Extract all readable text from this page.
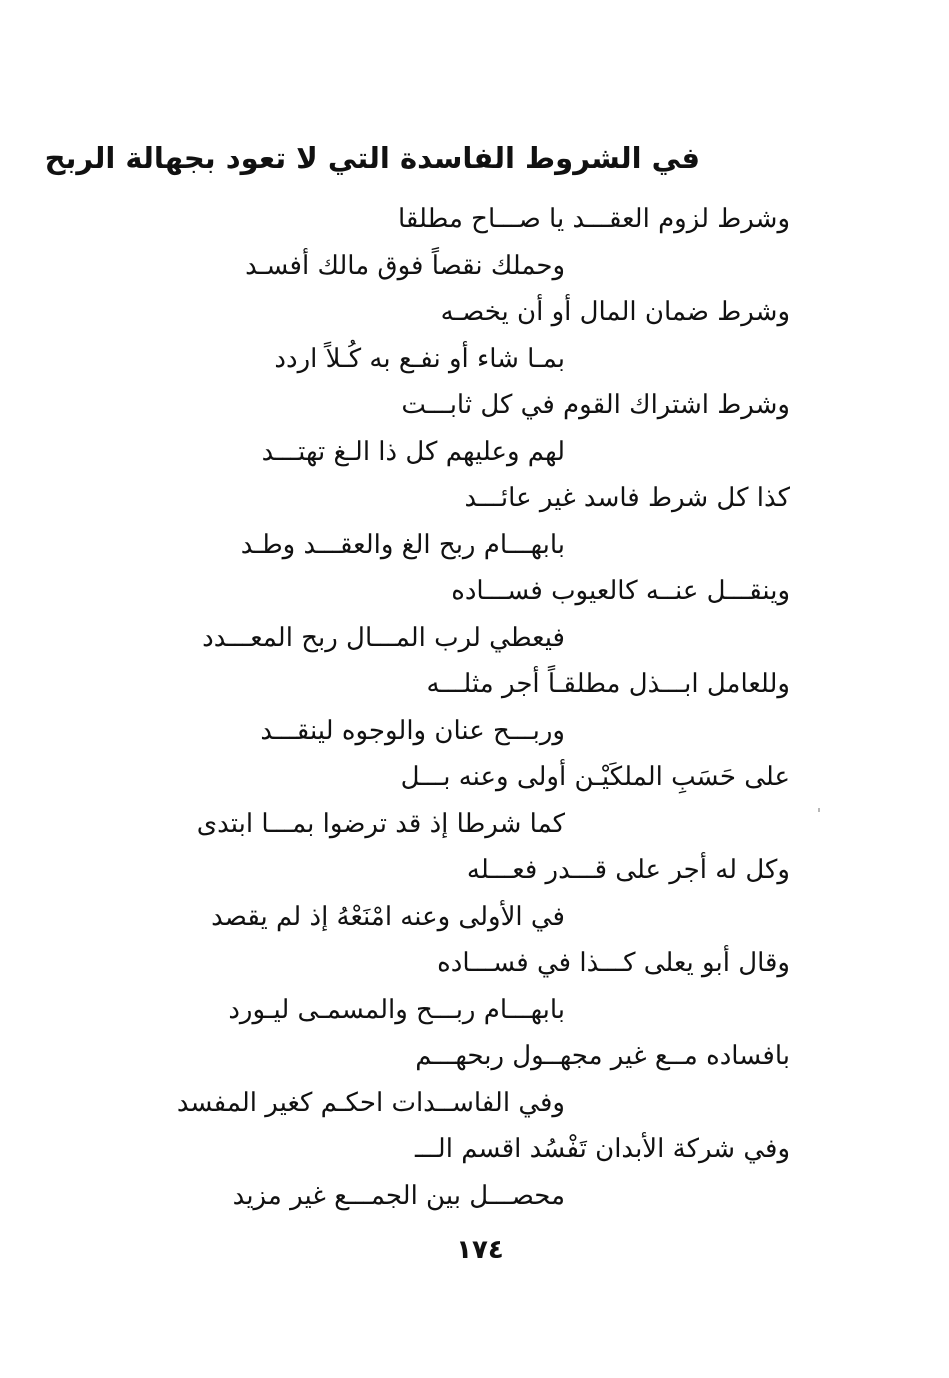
في الشروط الفاسدة التي لا تعود بجهالة الربح
وشرط لزوم العقـــد يا صـــاح مطلقا
وحملك نقصاً فوق مالك أفسـد
وشرط ضمان المال أو أن يخصـه
بمـا شاء أو نفـع به كُـلاً اردد
وشرط اشتراك القوم في كل ثابـــت
لهم وعليهم كل ذا الـغ تهتـــد
كذا كل شرط فاسد غير عائـــد
بابهـــام ربح الغ والعقـــد وطـد
وينقـــل عنــه كالعيوب فســـاده
فيعطي لرب المـــال ربح المعـــدد
وللعامل ابـــذل مطلقـاً أجر مثلـــه
وربـــح عنان والوجوه لينقـــد
على حَسَبِ الملكَيْـن أولى وعنه بـــل
كما شرطا إذ قد ترضوا بمـــا ابتدى
وكل له أجر على قـــدر فعـــله
في الأولى وعنه امْنَعْهُ إذ لم يقصد
وقال أبو يعلى كـــذا في فســـاده
بابهـــام ربـــح والمسمـى ليـورد
بافساده مــع غير مجهــول ربحهـــم
وفي الفاســدات احكـم كغير المفسد
وفي شركة الأبدان تَفْسُد اقسم الـــ
محصـــل بين الجمـــع غير مزيد
١٧٤
